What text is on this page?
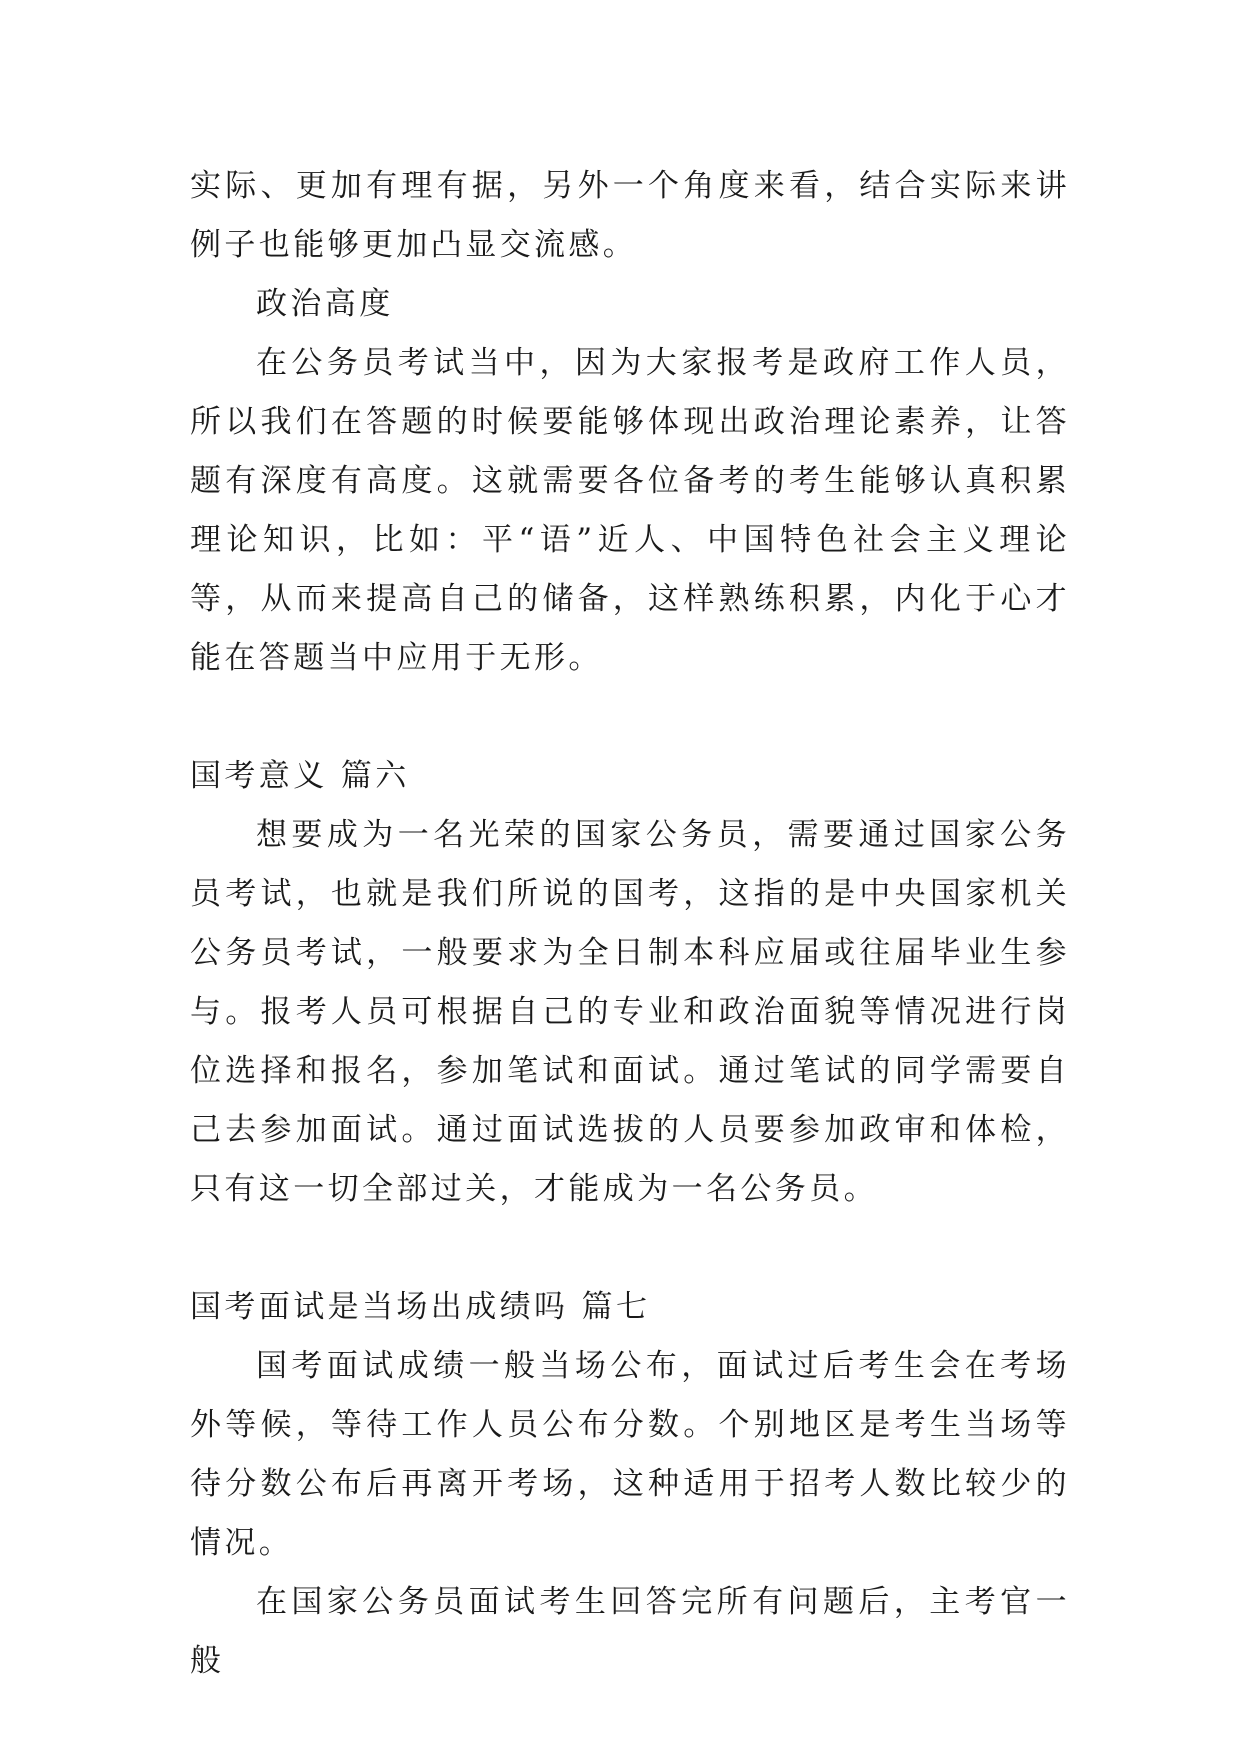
实际、更加有理有据，另外一个角度来看，结合实际来讲例子也能够更加凸显交流感。

政治高度

在公务员考试当中，因为大家报考是政府工作人员，所以我们在答题的时候要能够体现出政治理论素养，让答题有深度有高度。这就需要各位备考的考生能够认真积累理论知识，比如：平“语”近人、中国特色社会主义理论等，从而来提高自己的储备，这样熟练积累，内化于心才能在答题当中应用于无形。

国考意义 篇六

想要成为一名光荣的国家公务员，需要通过国家公务员考试，也就是我们所说的国考，这指的是中央国家机关公务员考试，一般要求为全日制本科应届或往届毕业生参与。报考人员可根据自己的专业和政治面貌等情况进行岗位选择和报名，参加笔试和面试。通过笔试的同学需要自己去参加面试。通过面试选拔的人员要参加政审和体检，只有这一切全部过关，才能成为一名公务员。

国考面试是当场出成绩吗 篇七

国考面试成绩一般当场公布，面试过后考生会在考场外等候，等待工作人员公布分数。个别地区是考生当场等待分数公布后再离开考场，这种适用于招考人数比较少的情况。

在国家公务员面试考生回答完所有问题后，主考官一般
